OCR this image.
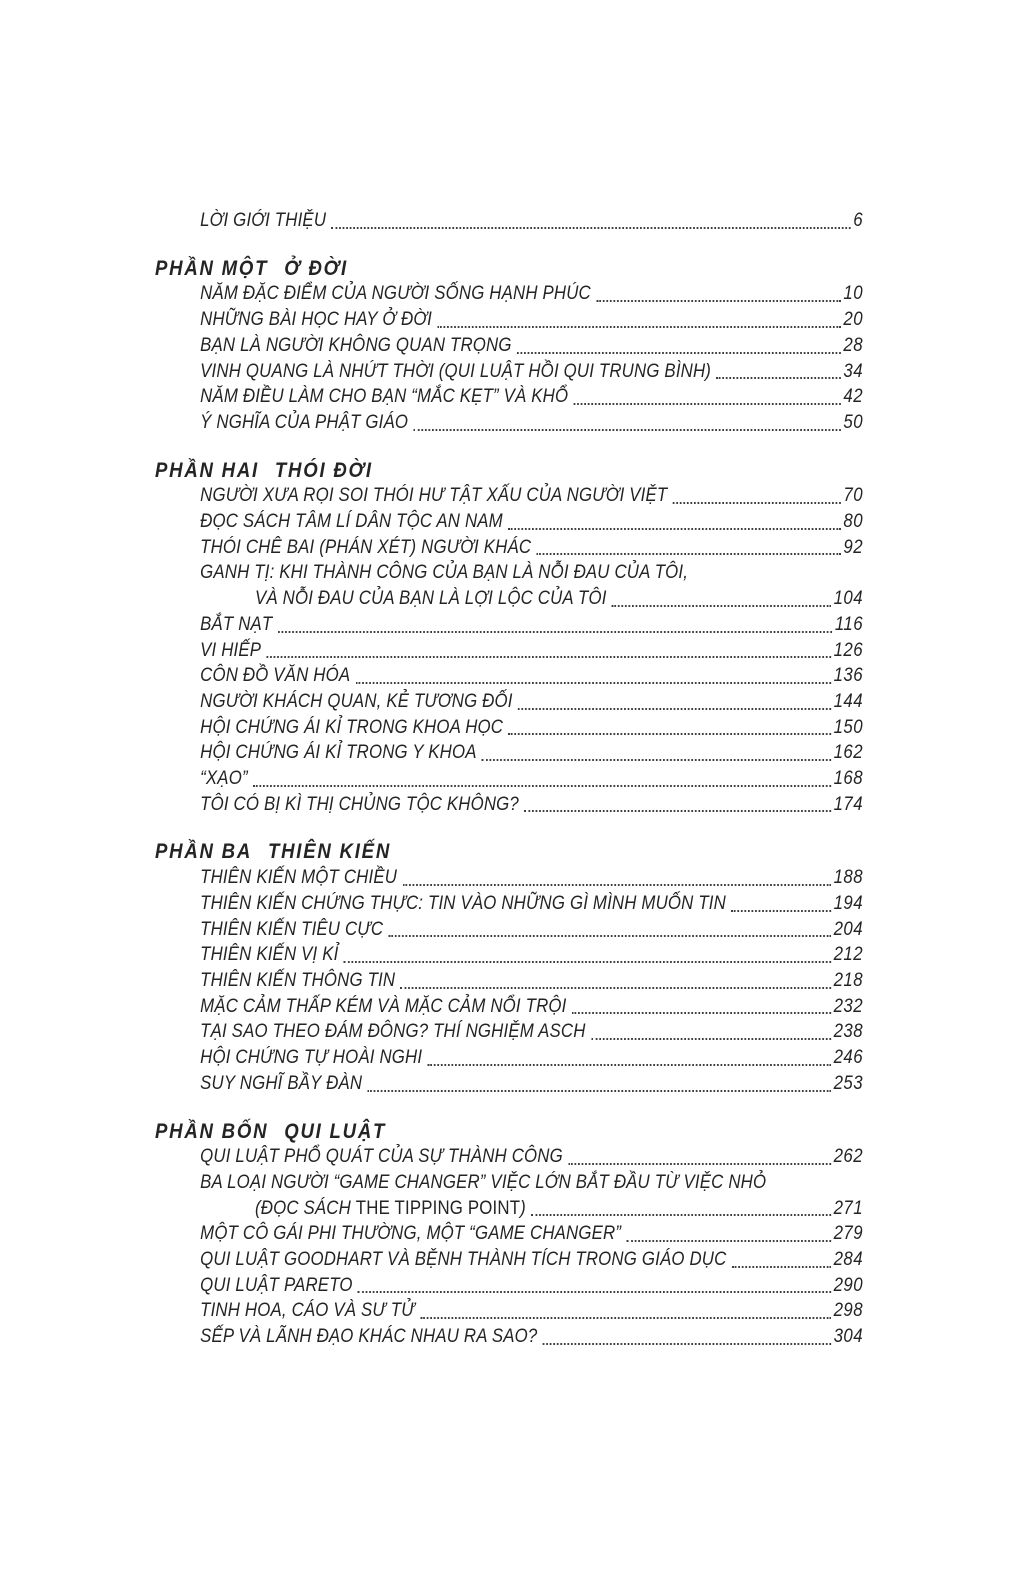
LỜI GIỚI THIỆU	6
PHẦN MỘT Ở ĐỜI
NĂM ĐẶC ĐIỂM CỦA NGƯỜI SỐNG HẠNH PHÚC	10
NHỮNG BÀI HỌC HAY Ở ĐỜI	20
BẠN LÀ NGƯỜI KHÔNG QUAN TRỌNG	28
VINH QUANG LÀ NHỨT THỜI (QUI LUẬT HỒI QUI TRUNG BÌNH)	34
NĂM ĐIỀU LÀM CHO BẠN “MẮC KẸT” VÀ KHỔ	42
Ý NGHĨA CỦA PHẬT GIÁO	50
PHẦN HAI THÓI ĐỜI
NGƯỜI XƯA RỌI SOI THÓI HƯ TẬT XẤU CỦA NGƯỜI VIỆT	70
ĐỌC SÁCH TÂM LÍ DÂN TỘC AN NAM	80
THÓI CHÊ BAI (PHÁN XÉT) NGƯỜI KHÁC	92
GANH TỊ: KHI THÀNH CÔNG CỦA BẠN LÀ NỖI ĐAU CỦA TÔI,
VÀ NỖI ĐAU CỦA BẠN LÀ LỢI LỘC CỦA TÔI	104
BẮT NẠT	116
VI HIẾP	126
CÔN ĐỒ VĂN HÓA	136
NGƯỜI KHÁCH QUAN, KẺ TƯƠNG ĐỐI	144
HỘI CHỨNG ÁI KỈ TRONG KHOA HỌC	150
HỘI CHỨNG ÁI KỈ TRONG Y KHOA	162
“XẠO”	168
TÔI CÓ BỊ KÌ THỊ CHỦNG TỘC KHÔNG?	174
PHẦN BA THIÊN KIẾN
THIÊN KIẾN MỘT CHIỀU	188
THIÊN KIẾN CHỨNG THỰC: TIN VÀO NHỮNG GÌ MÌNH MUỐN TIN	194
THIÊN KIẾN TIÊU CỰC	204
THIÊN KIẾN VỊ KỈ	212
THIÊN KIẾN THÔNG TIN	218
MẶC CẢM THẤP KÉM VÀ MẶC CẢM NỔI TRỘI	232
TẠI SAO THEO ĐÁM ĐÔNG? THÍ NGHIỆM ASCH	238
HỘI CHỨNG TỰ HOÀI NGHI	246
SUY NGHĨ BẦY ĐÀN	253
PHẦN BỐN QUI LUẬT
QUI LUẬT PHỔ QUÁT CỦA SỰ THÀNH CÔNG	262
BA LOẠI NGƯỜI “GAME CHANGER” VIỆC LỚN BẮT ĐẦU TỪ VIỆC NHỎ
(ĐỌC SÁCH THE TIPPING POINT)	271
MỘT CÔ GÁI PHI THƯỜNG, MỘT “GAME CHANGER”	279
QUI LUẬT GOODHART VÀ BỆNH THÀNH TÍCH TRONG GIÁO DỤC	284
QUI LUẬT PARETO	290
TINH HOA, CÁO VÀ SƯ TỬ	298
SẾP VÀ LÃNH ĐẠO KHÁC NHAU RA SAO?	304
